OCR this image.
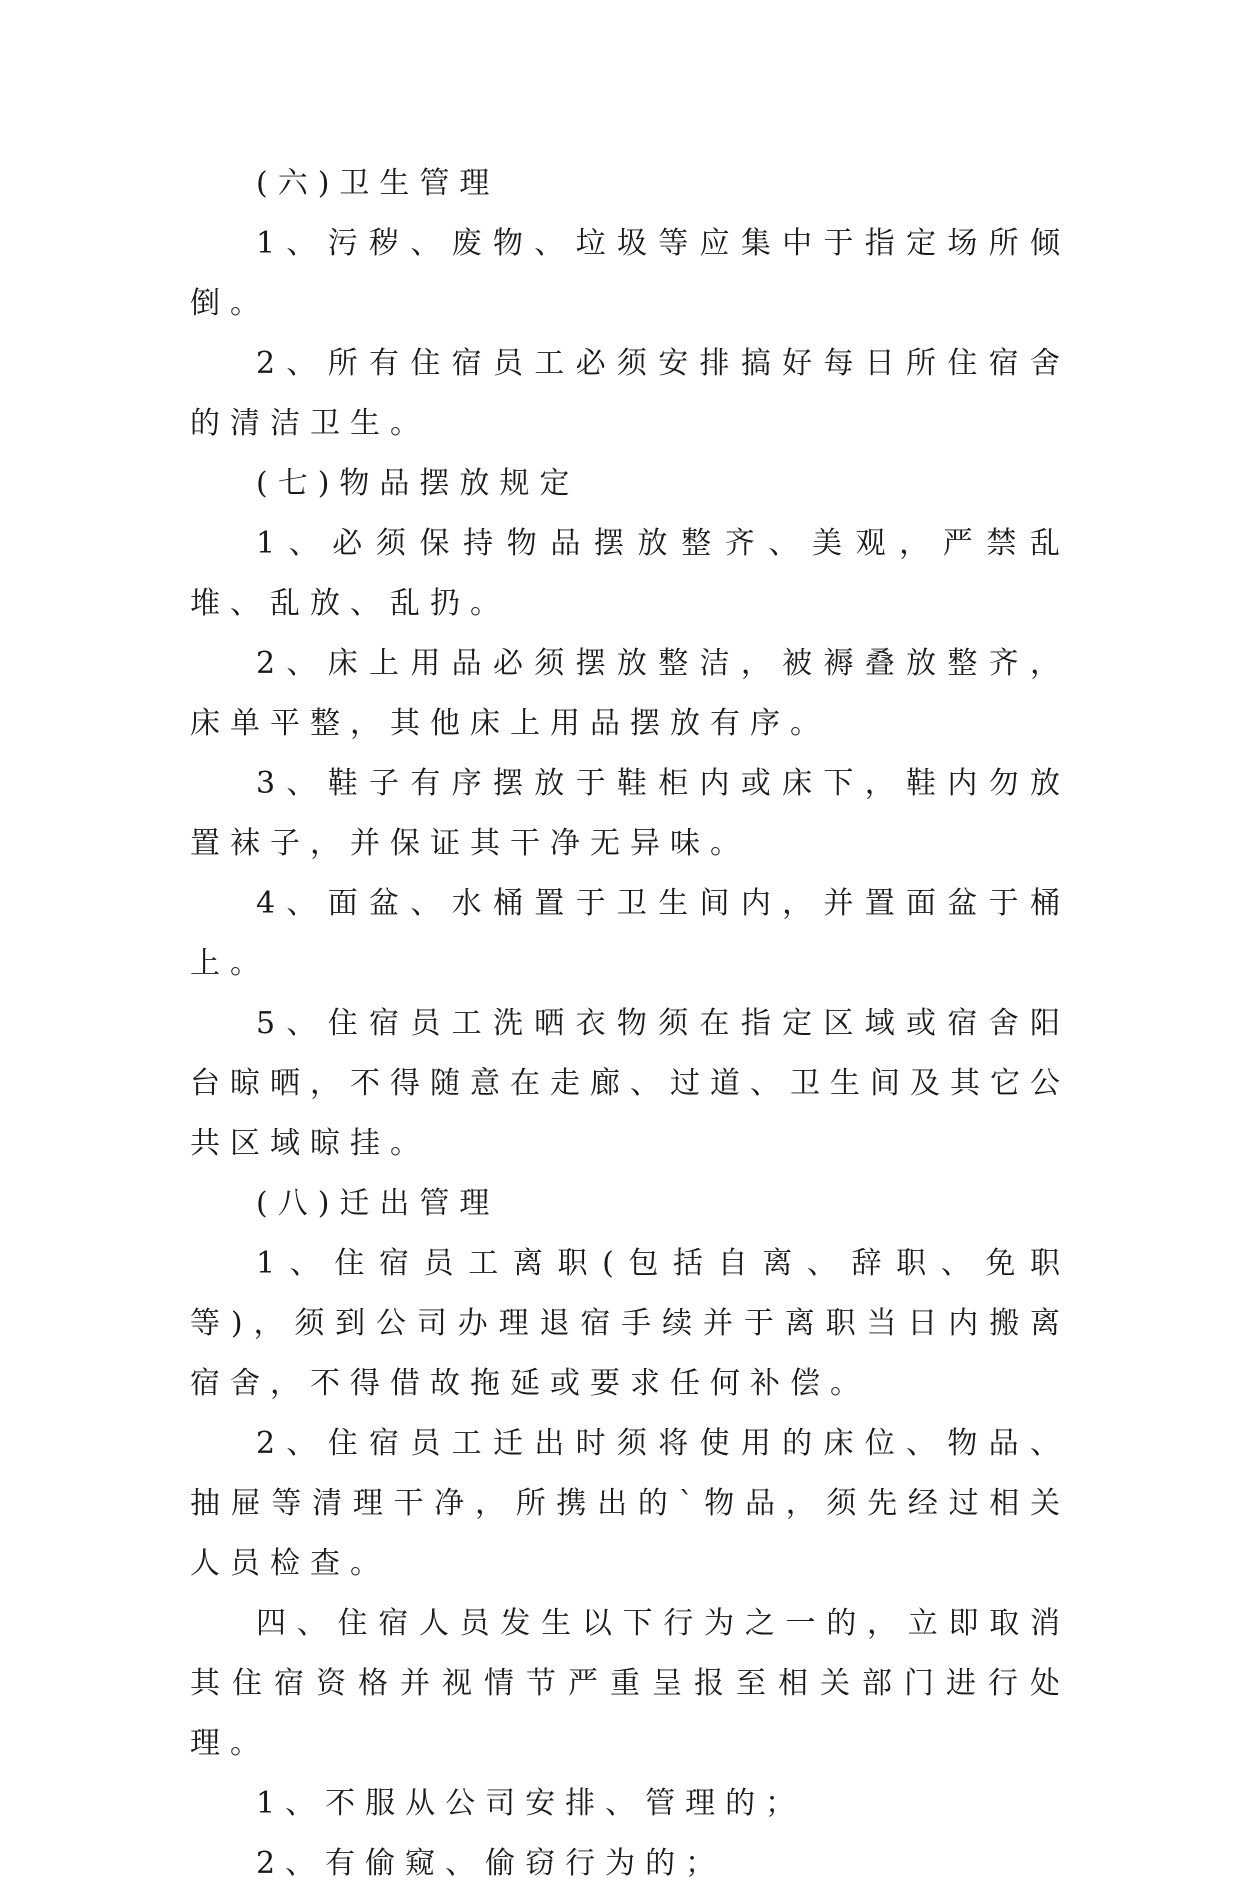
(六)卫生管理

1、污秽、废物、垃圾等应集中于指定场所倾倒。

2、所有住宿员工必须安排搞好每日所住宿舍的清洁卫生。

(七)物品摆放规定

1、必须保持物品摆放整齐、美观，严禁乱堆、乱放、乱扔。

2、床上用品必须摆放整洁，被褥叠放整齐，床单平整，其他床上用品摆放有序。

3、鞋子有序摆放于鞋柜内或床下，鞋内勿放置袜子，并保证其干净无异味。

4、面盆、水桶置于卫生间内，并置面盆于桶上。

5、住宿员工洗晒衣物须在指定区域或宿舍阳台晾晒，不得随意在走廊、过道、卫生间及其它公共区域晾挂。

(八)迁出管理

1、住宿员工离职(包括自离、辞职、免职等)，须到公司办理退宿手续并于离职当日内搬离宿舍，不得借故拖延或要求任何补偿。

2、住宿员工迁出时须将使用的床位、物品、抽屉等清理干净，所携出的`物品，须先经过相关人员检查。

四、住宿人员发生以下行为之一的，立即取消其住宿资格并视情节严重呈报至相关部门进行处理。

1、不服从公司安排、管理的；

2、有偷窥、偷窃行为的；
